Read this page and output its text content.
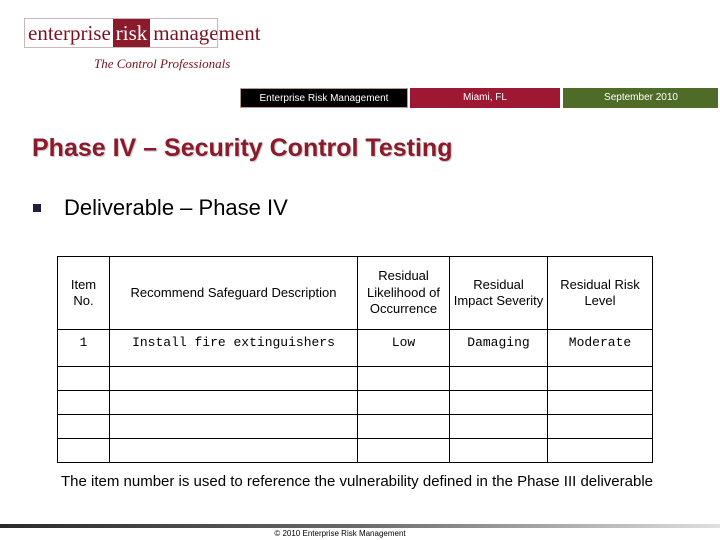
enterprise risk management
The Control Professionals
Enterprise Risk Management	Miami, FL	September 2010
Phase IV – Security Control Testing
Deliverable – Phase IV
Item No.	Recommend Safeguard Description	Residual Likelihood of Occurrence	Residual Impact Severity	Residual Risk Level
1	Install fire extinguishers	Low	Damaging	Moderate

The item number is used to reference the vulnerability defined in the Phase III deliverable
© 2010 Enterprise Risk Management
